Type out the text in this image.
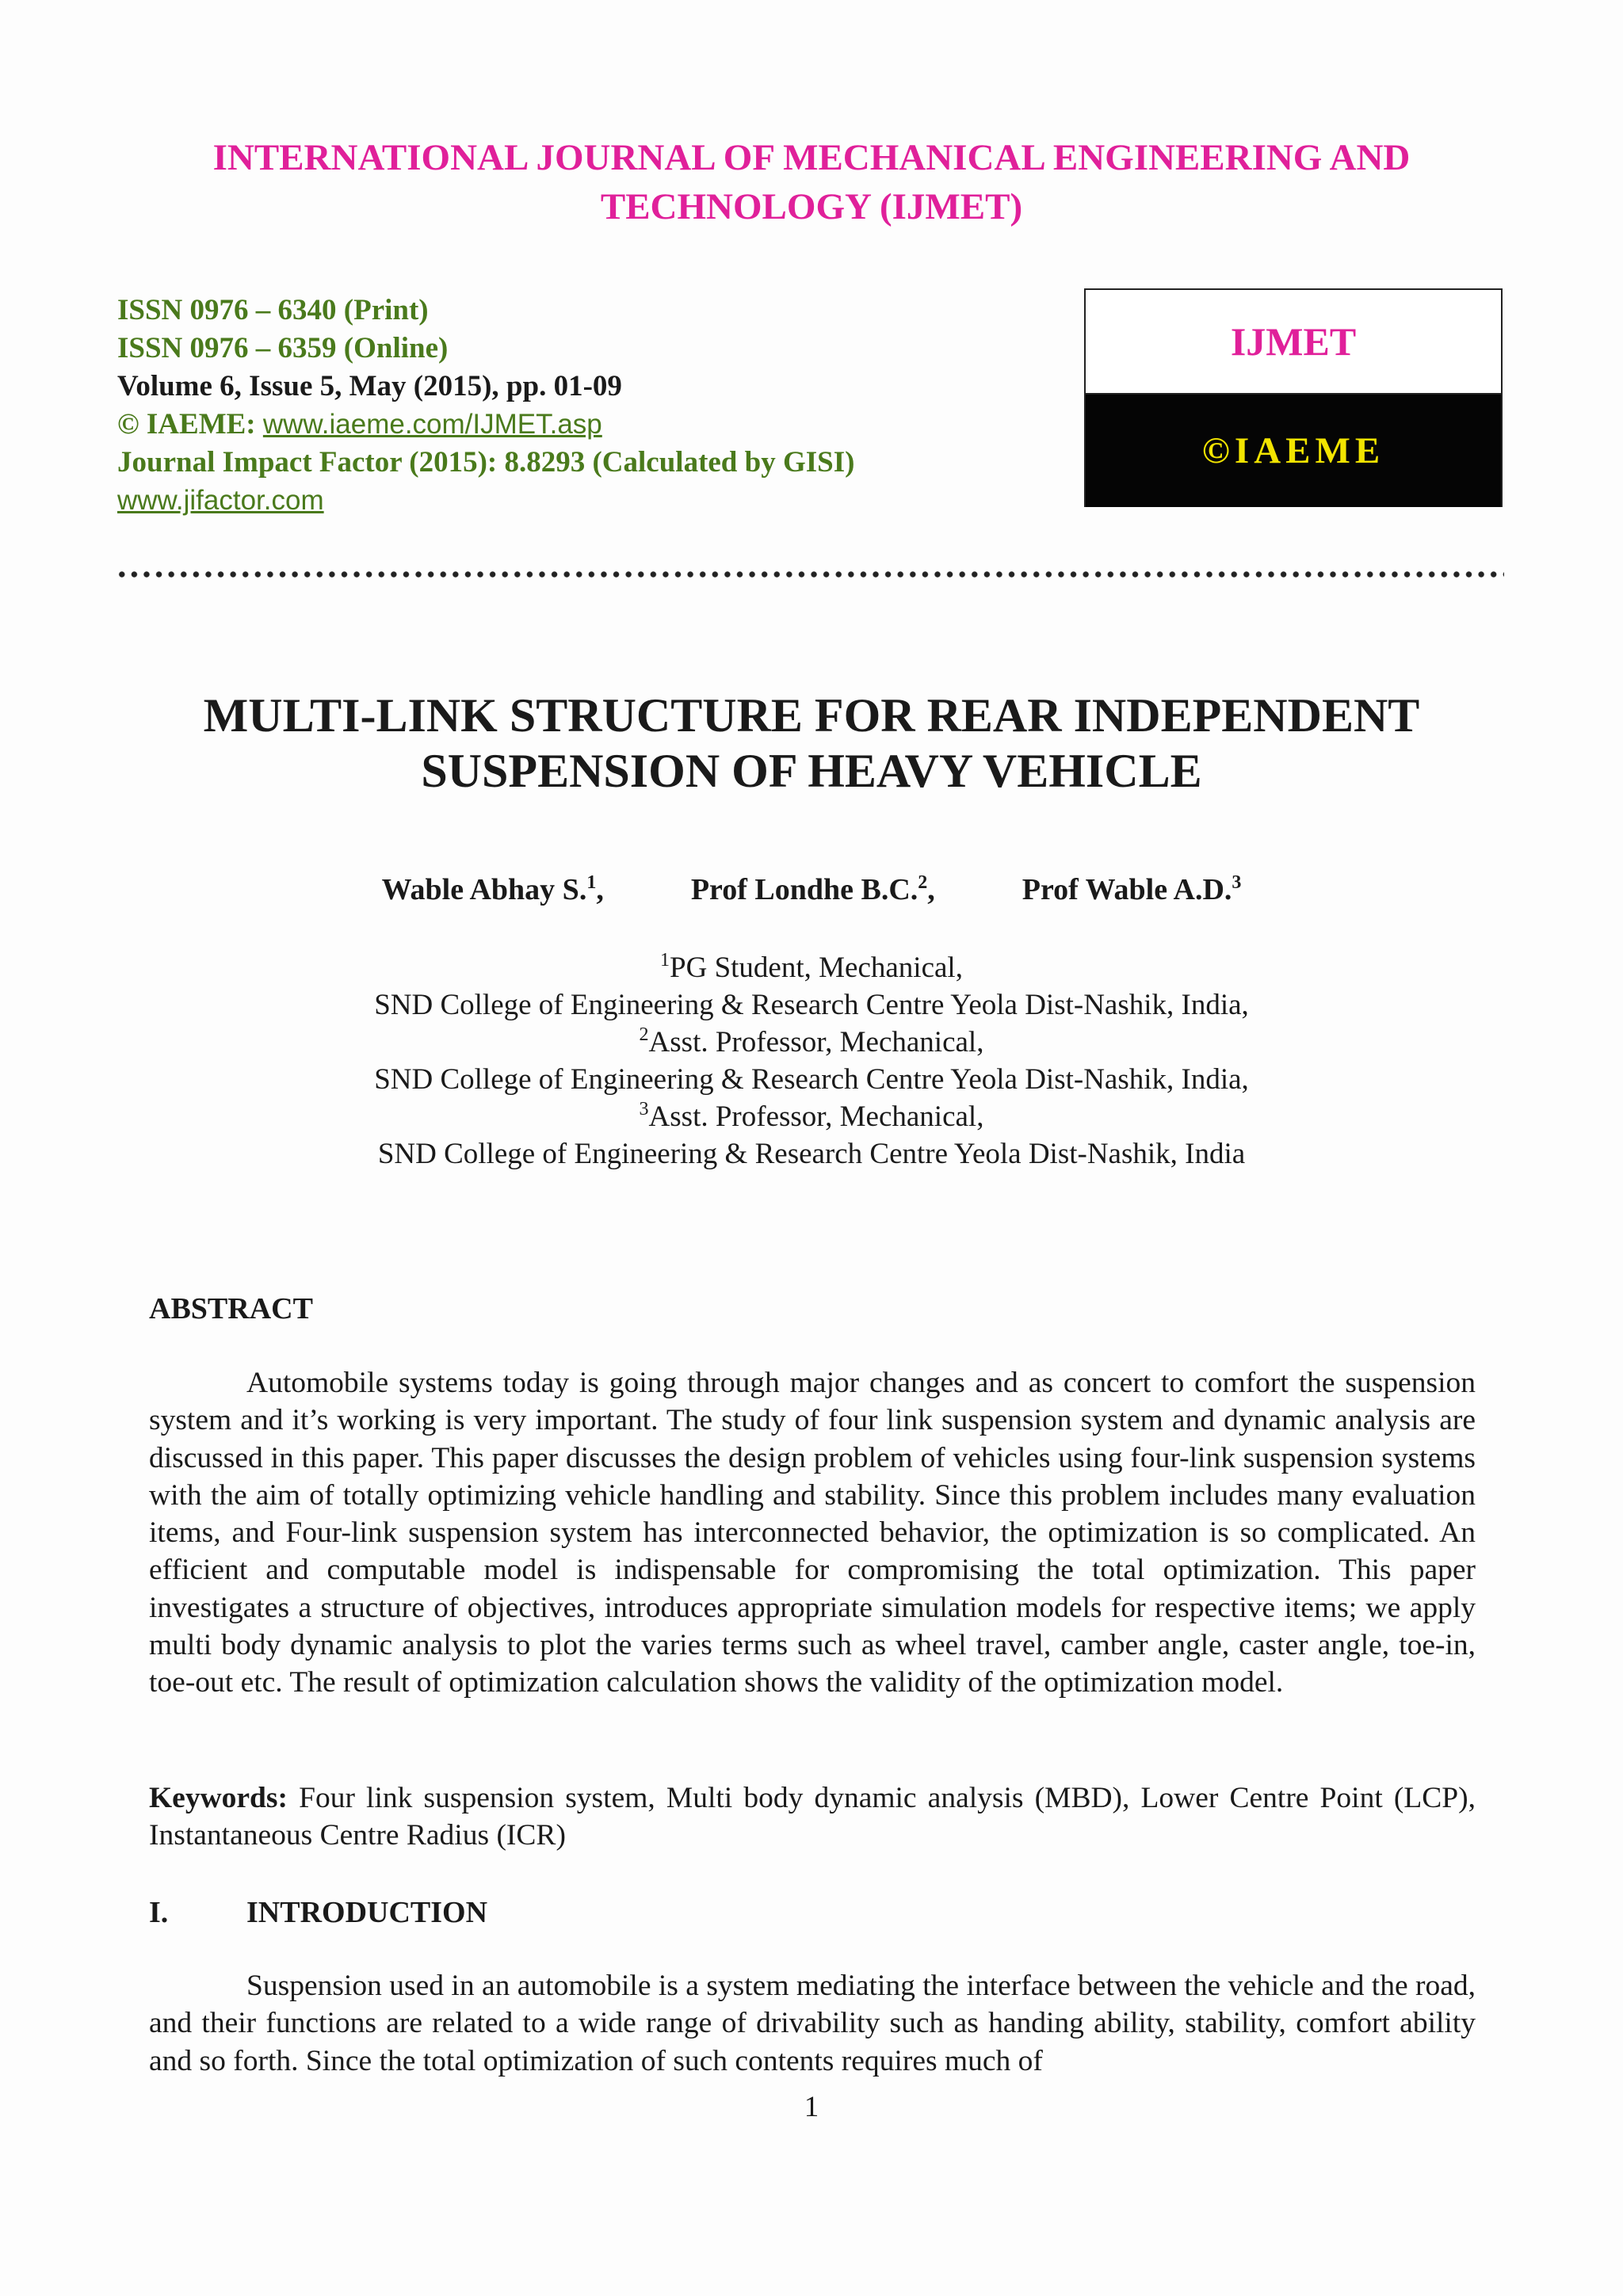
INTERNATIONAL JOURNAL OF MECHANICAL ENGINEERING AND
TECHNOLOGY (IJMET)
ISSN 0976 – 6340 (Print)
ISSN 0976 – 6359 (Online)
Volume 6, Issue 5, May (2015), pp. 01-09
© IAEME: www.iaeme.com/IJMET.asp
Journal Impact Factor (2015): 8.8293 (Calculated by GISI)
www.jifactor.com
IJMET
©IAEME
MULTI-LINK STRUCTURE FOR REAR INDEPENDENT
SUSPENSION OF HEAVY VEHICLE
Wable Abhay S.$^1$,	Prof Londhe B.C.$^2$,	Prof Wable A.D.$^3$
$^1$PG Student, Mechanical,
SND College of Engineering & Research Centre Yeola Dist-Nashik, India,
$^2$Asst. Professor, Mechanical,
SND College of Engineering & Research Centre Yeola Dist-Nashik, India,
$^3$Asst. Professor, Mechanical,
SND College of Engineering & Research Centre Yeola Dist-Nashik, India
ABSTRACT
Automobile systems today is going through major changes and as concert to comfort the suspension system and it’s working is very important. The study of four link suspension system and dynamic analysis are discussed in this paper. This paper discusses the design problem of vehicles using four-link suspension systems with the aim of totally optimizing vehicle handling and stability. Since this problem includes many evaluation items, and Four-link suspension system has interconnected behavior, the optimization is so complicated. An efficient and computable model is indispensable for compromising the total optimization. This paper investigates a structure of objectives, introduces appropriate simulation models for respective items; we apply multi body dynamic analysis to plot the varies terms such as wheel travel, camber angle, caster angle, toe-in, toe-out etc. The result of optimization calculation shows the validity of the optimization model.
Keywords: Four link suspension system, Multi body dynamic analysis (MBD), Lower Centre Point (LCP), Instantaneous Centre Radius (ICR)
I.	INTRODUCTION
Suspension used in an automobile is a system mediating the interface between the vehicle and the road, and their functions are related to a wide range of drivability such as handing ability, stability, comfort ability and so forth. Since the total optimization of such contents requires much of
1
